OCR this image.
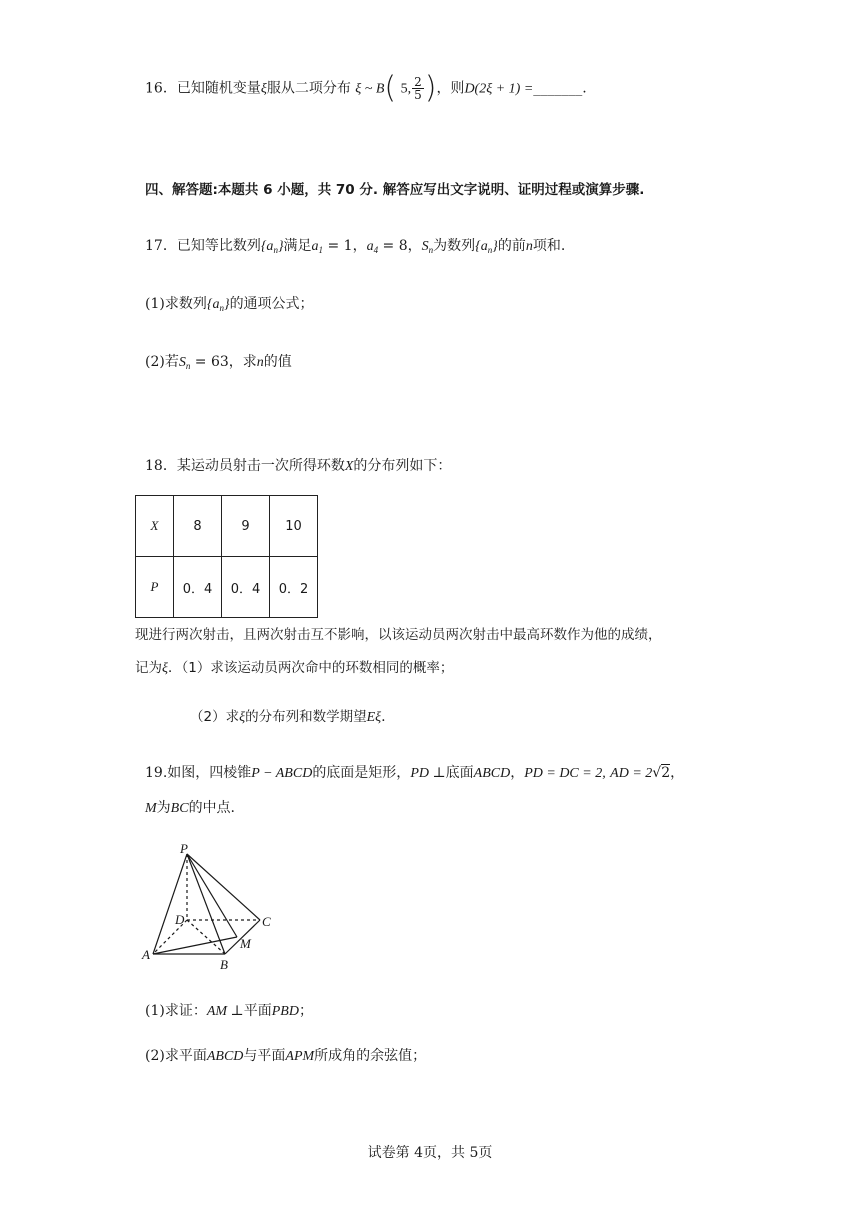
16．已知随机变量ξ服从二项分布 ξ ~ B( 5, $\frac{2}{5}$ )，则D(2ξ + 1) =_______.
四、解答题:本题共 6 小题，共 70 分. 解答应写出文字说明、证明过程或演算步骤.
17．已知等比数列$\{a_n\}$满足$a_1 = 1$，$a_4 = 8$，$S_n$为数列$\{a_n\}$的前n项和.
(1)求数列$\{a_n\}$的通项公式；
(2)若$S_n = 63$，求n的值
18．某运动员射击一次所得环数X的分布列如下：
X	8	9	10
P	0．4	0．4	0．2
现进行两次射击，且两次射击互不影响，以该运动员两次射击中最高环数作为他的成绩，
记为ξ．（1）求该运动员两次命中的环数相同的概率；
（2）求ξ的分布列和数学期望Eξ.
19.如图，四棱锥P − ABCD的底面是矩形，PD ⊥底面ABCD，PD = DC = 2, AD = 2√2，
M为BC的中点.
P
D	C
M
A
B
(1)求证：AM ⊥平面PBD；
(2)求平面ABCD与平面APM所成角的余弦值；
试卷第 4页，共 5页
